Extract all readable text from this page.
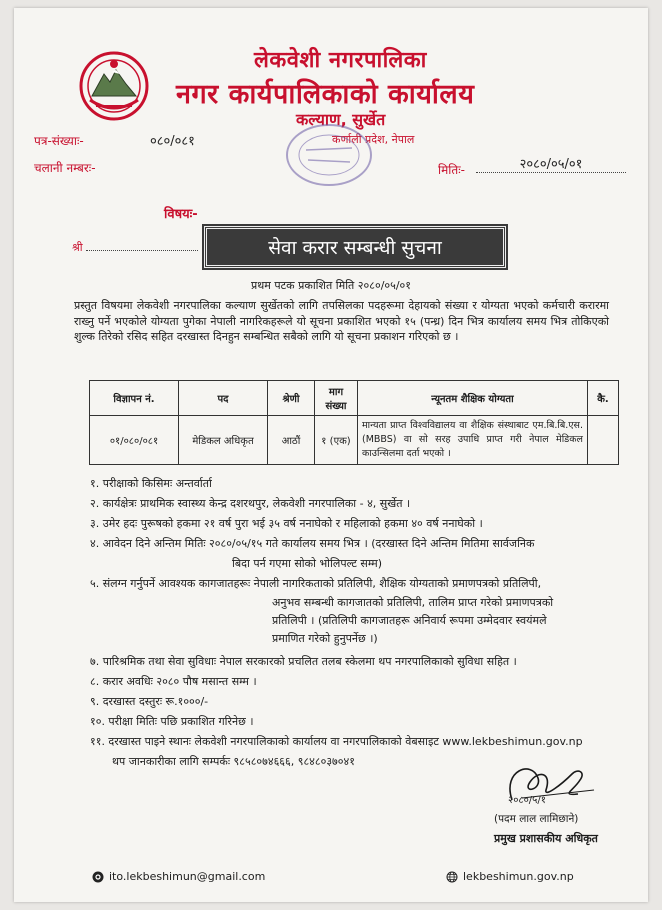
लेकवेशी नगरपालिका
नगर कार्यपालिकाको कार्यालय
कल्याण, सुर्खेत
कर्णाली प्रदेश, नेपाल
पत्र-संख्याः-	०८०/०८१
चलानी नम्बरः-	मितिः-	२०८०/०५/०१
विषयः-
श्री	सेवा करार सम्बन्धी सुचना
प्रथम पटक प्रकाशित मिति २०८०/०५/०१
प्रस्तुत विषयमा लेकवेशी नगरपालिका कल्याण सुर्खेतको लागि तपसिलका पदहरूमा देहायको संख्या र योग्यता भएको कर्मचारी करारमा राख्नु पर्ने भएकोले योग्यता पुगेका नेपाली नागरिकहरूले यो सूचना प्रकाशित भएको १५ (पन्ध्र) दिन भित्र कार्यालय समय भित्र तोकिएको शुल्क तिरेको रसिद सहित दरखास्त दिनहुन सम्बन्धित सबैको लागि यो सूचना प्रकाशन गरिएको छ ।
विज्ञापन नं.	पद	श्रेणी	माग संख्या	न्यूनतम शैक्षिक योग्यता	कै.
०१/०८०/०८१	मेडिकल अधिकृत	आठौं	१ (एक)	मान्यता प्राप्त विश्वविद्यालय वा शैक्षिक संस्थाबाट एम.बि.बि.एस. (MBBS) वा सो सरह उपाधि प्राप्त गरी नेपाल मेडिकल काउन्सिलमा दर्ता भएको ।	
१. परीक्षाको किसिमः अन्तर्वार्ता
२. कार्यक्षेत्रः प्राथमिक स्वास्थ्य केन्द्र दशरथपुर, लेकवेशी नगरपालिका - ४, सुर्खेत ।
३. उमेर हदः पुरूषको हकमा २१ वर्ष पुरा भई ३५ वर्ष ननाघेको र महिलाको हकमा ४० वर्ष ननाघेको ।
४. आवेदन दिने अन्तिम मितिः २०८०/०५/१५ गते कार्यालय समय भित्र । (दरखास्त दिने अन्तिम मितिमा सार्वजनिक
बिदा पर्न गएमा सोको भोलिपल्ट सम्म)
५. संलग्न गर्नुपर्ने आवश्यक कागजातहरूः नेपाली नागरिकताको प्रतिलिपी, शैक्षिक योग्यताको प्रमाणपत्रको प्रतिलिपी,
अनुभव सम्बन्धी कागजातको प्रतिलिपी, तालिम प्राप्त गरेको प्रमाणपत्रको
प्रतिलिपी । (प्रतिलिपी कागजातहरू अनिवार्य रूपमा उम्मेदवार स्वयंमले
प्रमाणित गरेको हुनुपर्नेछ ।)
७. पारिश्रमिक तथा सेवा सुविधाः नेपाल सरकारको प्रचलित तलब स्केलमा थप नगरपालिकाको सुविधा सहित ।
८. करार अवधिः २०८० पौष मसान्त सम्म ।
९. दरखास्त दस्तुरः रू.१०००/-
१०. परीक्षा मितिः पछि प्रकाशित गरिनेछ ।
११. दरखास्त पाइने स्थानः लेकवेशी नगरपालिकाको कार्यालय वा नगरपालिकाको वेबसाइट www.lekbeshimun.gov.np
थप जानकारीका लागि सम्पर्कः ९८५८०७४६६६, ९८४८०३७०४१
२०८०/५/१
(पदम लाल लामिछाने)
प्रमुख प्रशासकीय अधिकृत
ito.lekbeshimun@gmail.com	lekbeshimun.gov.np
